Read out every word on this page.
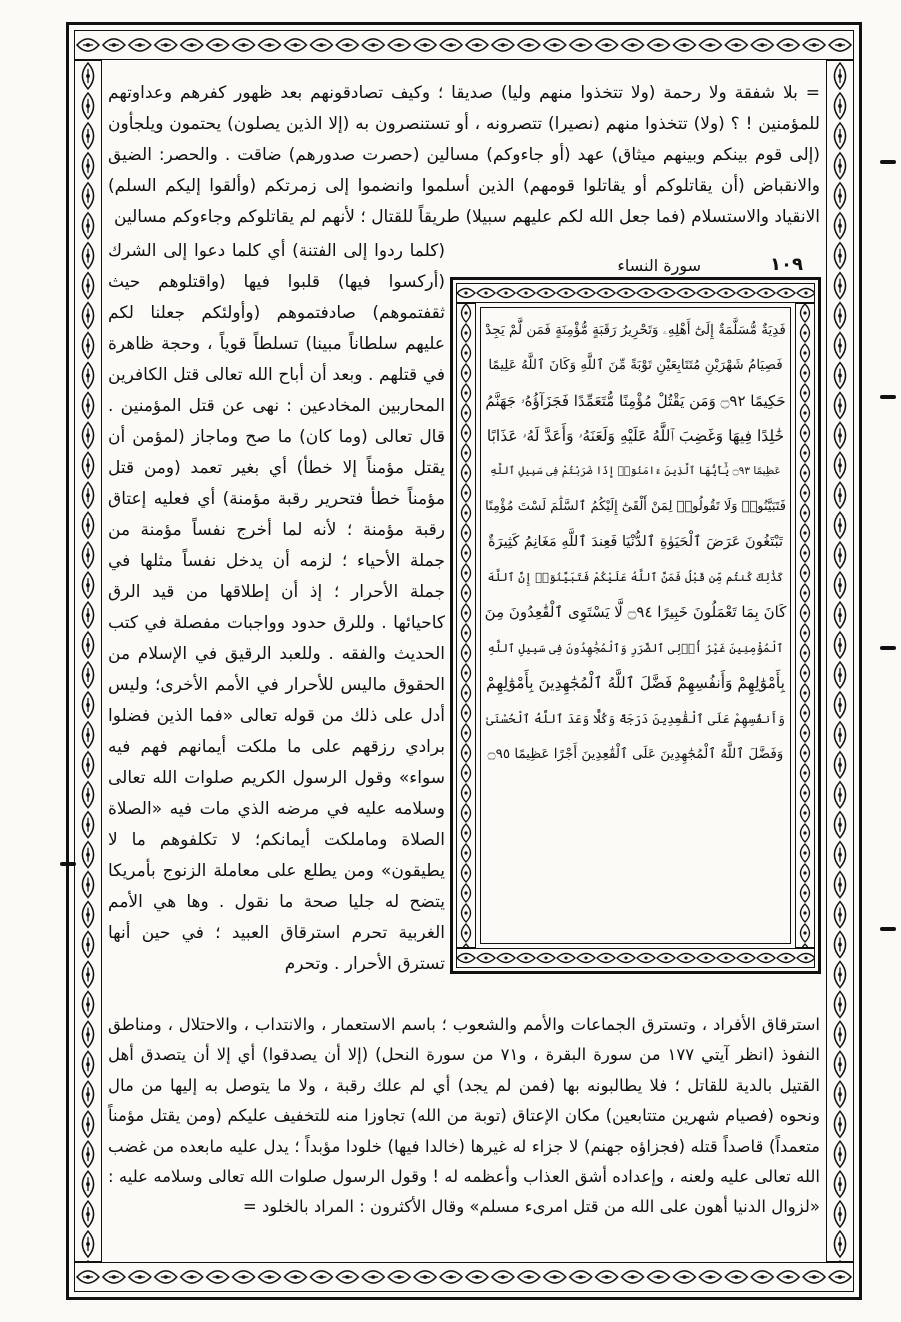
= بلا شفقة ولا رحمة (ولا تتخذوا منهم وليا) صديقا ؛ وكيف تصادقونهم بعد ظهور كفرهم وعداوتهم للمؤمنين ! ؟ (ولا) تتخذوا منهم (نصيرا) تتصرونه ، أو تستنصرون به (إلا الذين يصلون) يحتمون ويلجأون (إلى قوم بينكم وبينهم ميثاق) عهد (أو جاءوكم) مسالين (حصرت صدورهم) ضاقت . والحصر: الضيق والانقباض (أن يقاتلوكم أو يقاتلوا قومهم) الذين أسلموا وانضموا إلى زمرتكم (وألقوا إليكم السلم) الانقياد والاستسلام (فما جعل الله لكم عليهم سبيلا) طريقاً للقتال ؛ لأنهم لم يقاتلوكم وجاءوكم مسالين
(كلما ردوا إلى الفتنة) أي كلما دعوا إلى الشرك (أركسوا فيها) قلبوا فيها (واقتلوهم حيث ثقفتموهم) صادفتموهم (وأولئكم جعلنا لكم عليهم سلطاناً مبينا) تسلطاً قوياً ، وحجة ظاهرة في قتلهم . وبعد أن أباح الله تعالى قتل الكافرين المحاربين المخادعين : نهى عن قتل المؤمنين . قال تعالى (وما كان) ما صح وماجاز (لمؤمن أن يقتل مؤمناً إلا خطأ) أي بغير تعمد (ومن قتل مؤمناً خطأ فتحرير رقبة مؤمنة) أي فعليه إعتاق رقبة مؤمنة ؛ لأنه لما أخرج نفساً مؤمنة من جملة الأحياء ؛ لزمه أن يدخل نفساً مثلها في جملة الأحرار ؛ إذ أن إطلاقها من قيد الرق كاحيائها . وللرق حدود وواجبات مفصلة في كتب الحديث والفقه . وللعبد الرقيق في الإسلام من الحقوق ماليس للأحرار في الأمم الأخرى؛ وليس أدل على ذلك من قوله تعالى «فما الذين فضلوا برادي رزقهم على ما ملكت أيمانهم فهم فيه سواء» وقول الرسول الكريم صلوات الله تعالى وسلامه عليه في مرضه الذي مات فيه «الصلاة الصلاة وماملكت أيمانكم؛ لا تكلفوهم ما لا يطيقون» ومن يطلع على معاملة الزنوج بأمريكا يتضح له جليا صحة ما نقول . وها هي الأمم الغربية تحرم استرقاق العبيد ؛ في حين أنها تسترق الأحرار . وتحرم
سورة النساء	١٠٩
فَدِيَةٌ مُّسَلَّمَةٌ إِلَىٰٓ أَهْلِهِۦ وَتَحْرِيرُ رَقَبَةٍ مُّؤْمِنَةٍ فَمَن لَّمْ يَجِدْ
فَصِيَامُ شَهْرَيْنِ مُتَتَابِعَيْنِ تَوْبَةً مِّنَ ٱللَّهِ وَكَانَ ٱللَّهُ عَلِيمًا
حَكِيمًا ۝٩٢ وَمَن يَقْتُلْ مُؤْمِنًا مُّتَعَمِّدًا فَجَزَآؤُهُۥ جَهَنَّمُ
خَٰلِدًا فِيهَا وَغَضِبَ ٱللَّهُ عَلَيْهِ وَلَعَنَهُۥ وَأَعَدَّ لَهُۥ عَذَابًا
عَظِيمًا ۝٩٣ يَٰٓأَيُّهَا ٱلَّذِينَ ءَامَنُوٓا۟ إِذَا ضَرَبْتُمْ فِى سَبِيلِ ٱللَّهِ
فَتَبَيَّنُوا۟ وَلَا تَقُولُوا۟ لِمَنْ أَلْقَىٰٓ إِلَيْكُمُ ٱلسَّلَٰمَ لَسْتَ مُؤْمِنًا
تَبْتَغُونَ عَرَضَ ٱلْحَيَوٰةِ ٱلدُّنْيَا فَعِندَ ٱللَّهِ مَغَانِمُ كَثِيرَةٌ
كَذَٰلِكَ كُنتُم مِّن قَبْلُ فَمَنَّ ٱللَّهُ عَلَيْكُمْ فَتَبَيَّنُوٓا۟ إِنَّ ٱللَّهَ
كَانَ بِمَا تَعْمَلُونَ خَبِيرًا ۝٩٤ لَّا يَسْتَوِى ٱلْقَٰعِدُونَ مِنَ
ٱلْمُؤْمِنِينَ غَيْرُ أُو۟لِى ٱلضَّرَرِ وَٱلْمُجَٰهِدُونَ فِى سَبِيلِ ٱللَّهِ
بِأَمْوَٰلِهِمْ وَأَنفُسِهِمْ فَضَّلَ ٱللَّهُ ٱلْمُجَٰهِدِينَ بِأَمْوَٰلِهِمْ
وَأَنفُسِهِمْ عَلَى ٱلْقَٰعِدِينَ دَرَجَةً وَكُلًّا وَعَدَ ٱللَّهُ ٱلْحُسْنَىٰ
وَفَضَّلَ ٱللَّهُ ٱلْمُجَٰهِدِينَ عَلَى ٱلْقَٰعِدِينَ أَجْرًا عَظِيمًا ۝٩٥
استرقاق الأفراد ، وتسترق الجماعات والأمم والشعوب ؛ باسم الاستعمار ، والانتداب ، والاحتلال ، ومناطق النفوذ (انظر آيتي ١٧٧ من سورة البقرة ، و٧١ من سورة النحل) (إلا أن يصدقوا) أي إلا أن يتصدق أهل القتيل بالدية للقاتل ؛ فلا يطالبونه بها (فمن لم يجد) أي لم علك رقبة ، ولا ما يتوصل به إليها من مال ونحوه (فصيام شهرين متتابعين) مكان الإعتاق (توبة من الله) تجاوزا منه للتخفيف عليكم (ومن يقتل مؤمناً متعمداً) قاصداً قتله (فجزاؤه جهنم) لا جزاء له غيرها (خالدا فيها) خلودا مؤبداً ؛ يدل عليه مابعده من غضب الله تعالى عليه ولعنه ، وإعداده أشق العذاب وأعظمه له ! وقول الرسول صلوات الله تعالى وسلامه عليه : «لزوال الدنيا أهون على الله من قتل امرىء مسلم» وقال الأكثرون : المراد بالخلود =
